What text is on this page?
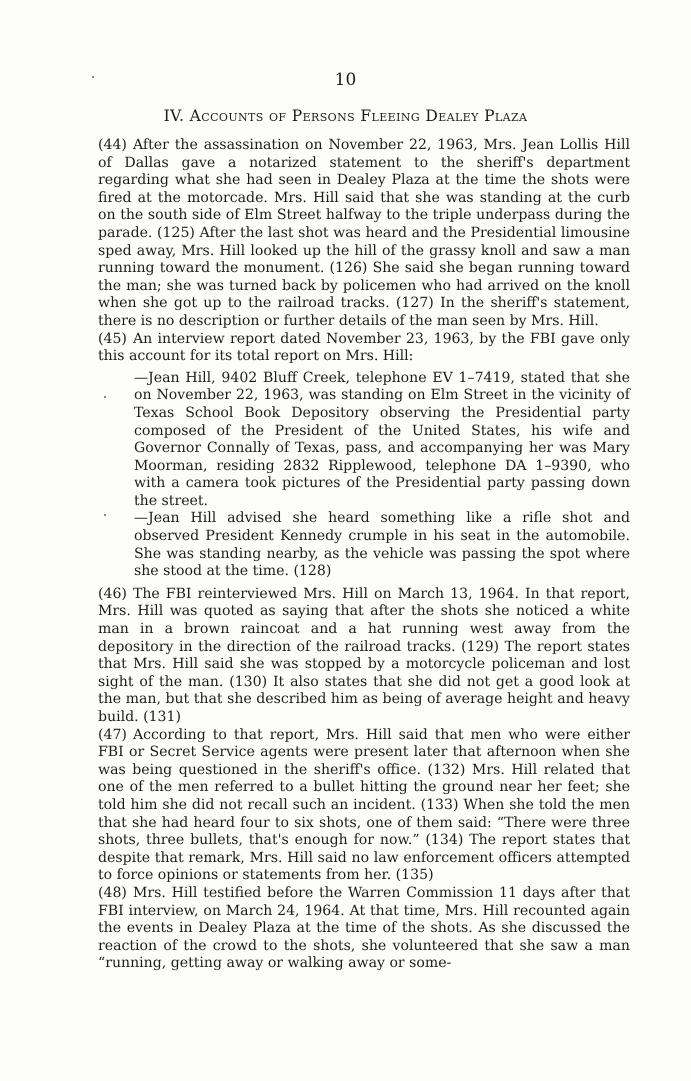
10
IV. Accounts of Persons Fleeing Dealey Plaza

(44) After the assassination on November 22, 1963, Mrs. Jean Lollis Hill of Dallas gave a notarized statement to the sheriff's department regarding what she had seen in Dealey Plaza at the time the shots were fired at the motorcade. Mrs. Hill said that she was standing at the curb on the south side of Elm Street halfway to the triple underpass during the parade. (125) After the last shot was heard and the Presidential limousine sped away, Mrs. Hill looked up the hill of the grassy knoll and saw a man running toward the monument. (126) She said she began running toward the man; she was turned back by policemen who had arrived on the knoll when she got up to the railroad tracks. (127) In the sheriff's statement, there is no description or further details of the man seen by Mrs. Hill.

(45) An interview report dated November 23, 1963, by the FBI gave only this account for its total report on Mrs. Hill:

—Jean Hill, 9402 Bluff Creek, telephone EV 1–7419, stated that she on November 22, 1963, was standing on Elm Street in the vicinity of Texas School Book Depository observing the Presidential party composed of the President of the United States, his wife and Governor Connally of Texas, pass, and accompanying her was Mary Moorman, residing 2832 Ripplewood, telephone DA 1–9390, who with a camera took pictures of the Presidential party passing down the street.

—Jean Hill advised she heard something like a rifle shot and observed President Kennedy crumple in his seat in the automobile. She was standing nearby, as the vehicle was passing the spot where she stood at the time. (128)

(46) The FBI reinterviewed Mrs. Hill on March 13, 1964. In that report, Mrs. Hill was quoted as saying that after the shots she noticed a white man in a brown raincoat and a hat running west away from the depository in the direction of the railroad tracks. (129) The report states that Mrs. Hill said she was stopped by a motorcycle policeman and lost sight of the man. (130) It also states that she did not get a good look at the man, but that she described him as being of average height and heavy build. (131)

(47) According to that report, Mrs. Hill said that men who were either FBI or Secret Service agents were present later that afternoon when she was being questioned in the sheriff's office. (132) Mrs. Hill related that one of the men referred to a bullet hitting the ground near her feet; she told him she did not recall such an incident. (133) When she told the men that she had heard four to six shots, one of them said: “There were three shots, three bullets, that's enough for now.” (134) The report states that despite that remark, Mrs. Hill said no law enforcement officers attempted to force opinions or statements from her. (135)

(48) Mrs. Hill testified before the Warren Commission 11 days after that FBI interview, on March 24, 1964. At that time, Mrs. Hill recounted again the events in Dealey Plaza at the time of the shots. As she discussed the reaction of the crowd to the shots, she volunteered that she saw a man “running, getting away or walking away or some-
